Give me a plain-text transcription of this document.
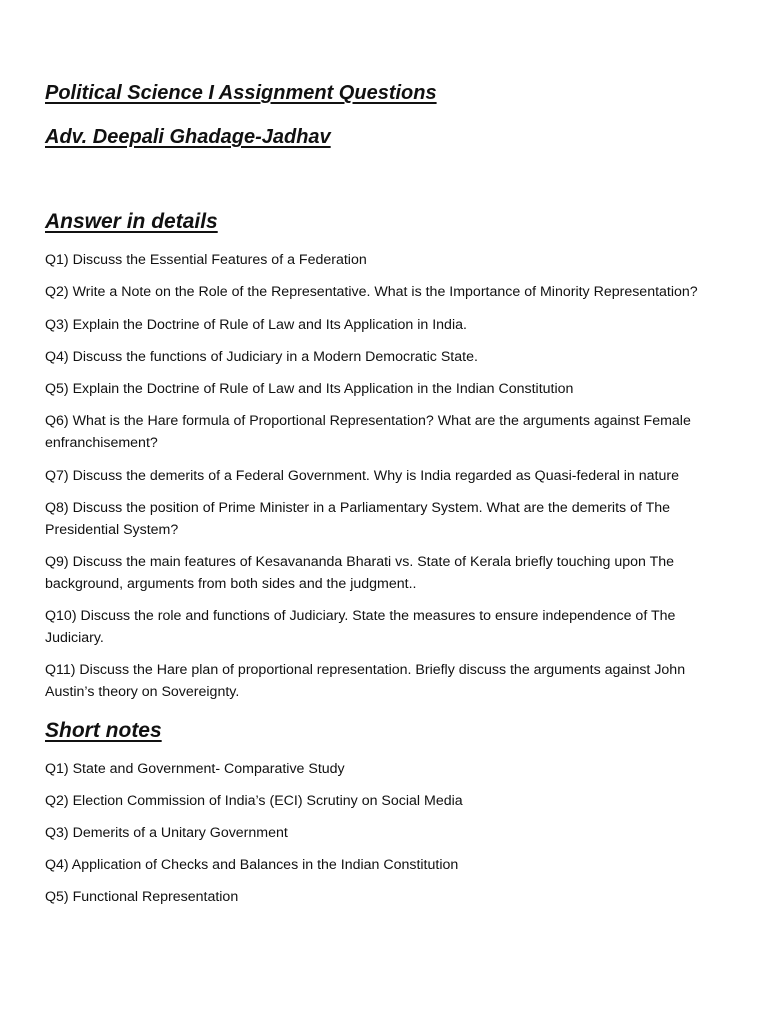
Political Science I Assignment Questions
Adv. Deepali Ghadage-Jadhav
Answer in details

Q1) Discuss the Essential Features of a Federation

Q2) Write a Note on the Role of the Representative. What is the Importance of Minority Representation?

Q3) Explain the Doctrine of Rule of Law and Its Application in India.

Q4) Discuss the functions of Judiciary in a Modern Democratic State.

Q5) Explain the Doctrine of Rule of Law and Its Application in the Indian Constitution

Q6) What is the Hare formula of Proportional Representation? What are the arguments against Female enfranchisement?

Q7) Discuss the demerits of a Federal Government. Why is India regarded as Quasi-federal in nature

Q8) Discuss the position of Prime Minister in a Parliamentary System. What are the demerits of The Presidential System?

Q9) Discuss the main features of Kesavananda Bharati vs. State of Kerala briefly touching upon The background, arguments from both sides and the judgment..

Q10) Discuss the role and functions of Judiciary. State the measures to ensure independence of The Judiciary.

Q11) Discuss the Hare plan of proportional representation. Briefly discuss the arguments against John Austin’s theory on Sovereignty.

Short notes

Q1) State and Government- Comparative Study

Q2) Election Commission of India’s (ECI) Scrutiny on Social Media

Q3) Demerits of a Unitary Government

Q4) Application of Checks and Balances in the Indian Constitution

Q5) Functional Representation
